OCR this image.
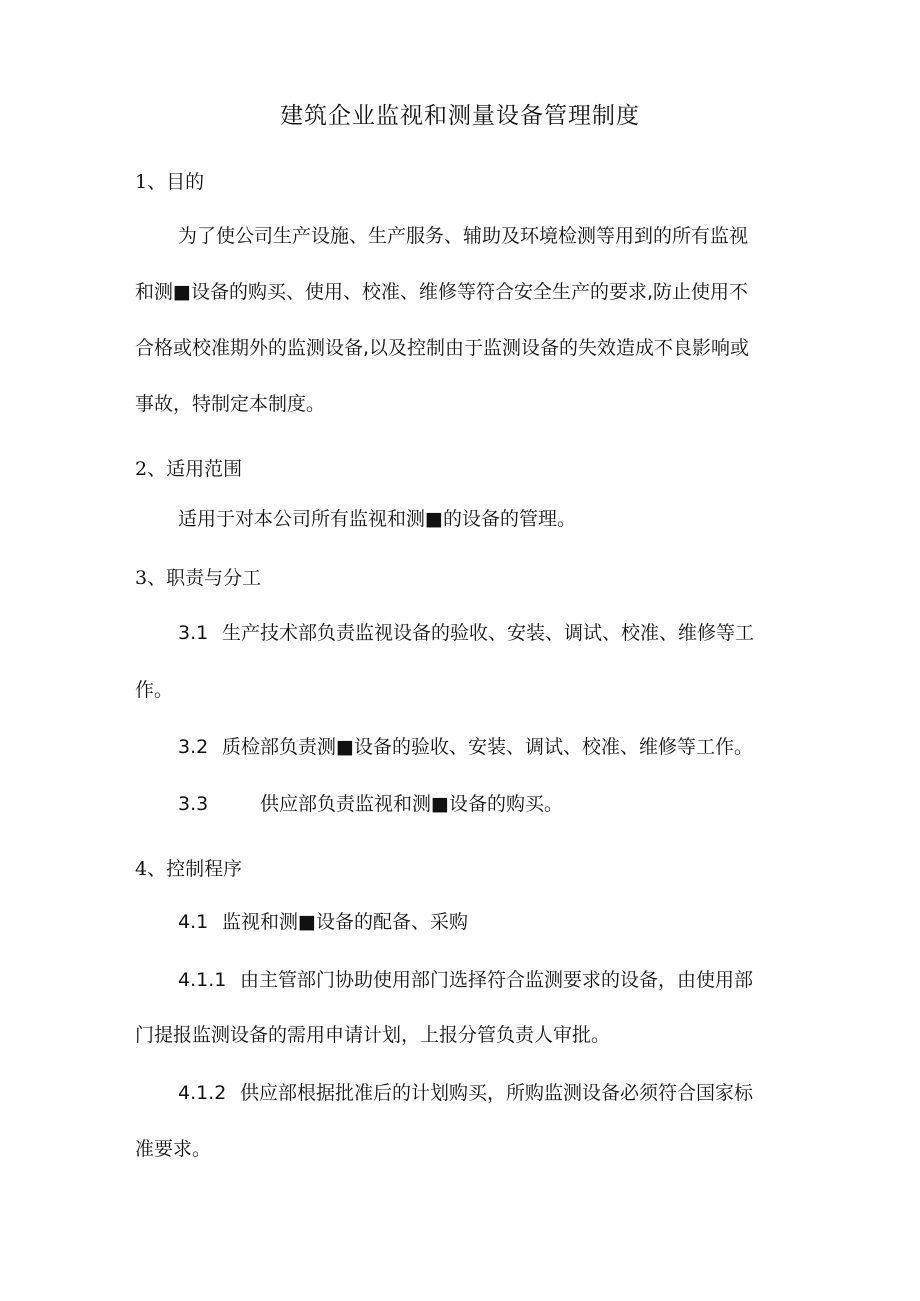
建筑企业监视和测量设备管理制度
1、目的
为了使公司生产设施、生产服务、辅助及环境检测等用到的所有监视
和测■设备的购买、使用、校准、维修等符合安全生产的要求,防止使用不
合格或校准期外的监测设备,以及控制由于监测设备的失效造成不良影响或
事故，特制定本制度。
2、适用范围
适用于对本公司所有监视和测■的设备的管理。
3、职责与分工
3.1 生产技术部负责监视设备的验收、安装、调试、校准、维修等工
作。
3.2 质检部负责测■设备的验收、安装、调试、校准、维修等工作。
3.3	供应部负责监视和测■设备的购买。
4、控制程序
4.1 监视和测■设备的配备、采购
4.1.1 由主管部门协助使用部门选择符合监测要求的设备，由使用部
门提报监测设备的需用申请计划，上报分管负责人审批。
4.1.2 供应部根据批准后的计划购买，所购监测设备必须符合国家标
准要求。
